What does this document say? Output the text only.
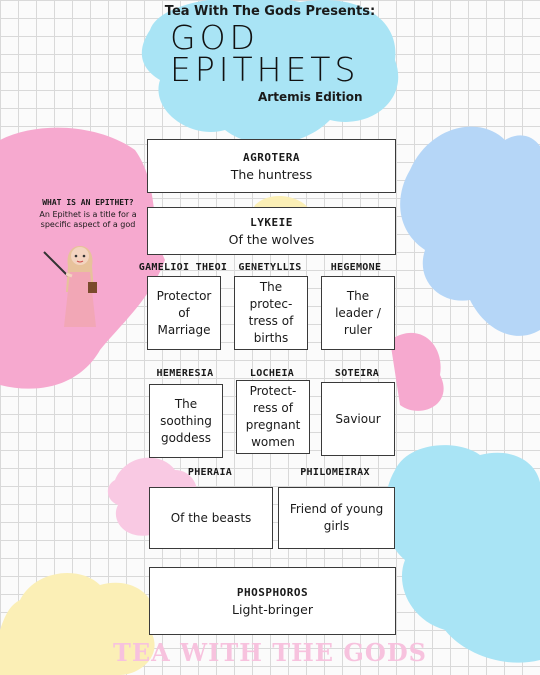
Tea With The Gods Presents:
GOD
EPITHETS
Artemis Edition
WHAT IS AN EPITHET?
An Epithet is a title for a specific aspect of a god
AGROTERA
The huntress
LYKEIE
Of the wolves
GAMELIOI THEOI	GENETYLLIS	HEGEMONE
Protector of Marriage
The protec-tress of births
The leader / ruler
HEMERESIA	LOCHEIA	SOTEIRA
The soothing goddess
Protect-ress of pregnant women
Saviour
PHERAIA	PHILOMEIRAX
Of the beasts
Friend of young girls
PHOSPHOROS
Light-bringer
TEA WITH THE GODS
